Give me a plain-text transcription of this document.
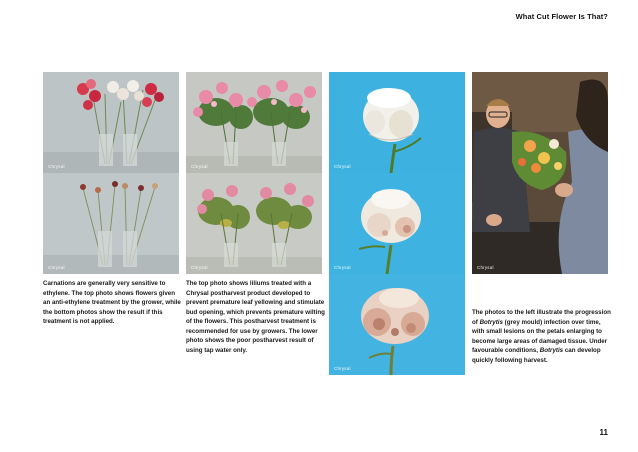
What Cut Flower Is That?
Chrysal
Chrysal
Chrysal
Chrysal
Chrysal
Chrysal
Chrysal
Chrysal
Carnations are generally very sensitive to ethylene. The top photo shows flowers given an anti-ethylene treatment by the grower, while the bottom photos show the result if this treatment is not applied.
The top photo shows liliums treated with a Chrysal postharvest product developed to prevent premature leaf yellowing and stimulate bud opening, which prevents premature wilting of the flowers. This postharvest treatment is recommended for use by growers. The lower photo shows the poor postharvest result of using tap water only.
The photos to the left illustrate the progression of Botrytis (grey mould) infection over time, with small lesions on the petals enlarging to become large areas of damaged tissue. Under favourable conditions, Botrytis can develop quickly following harvest.
11
